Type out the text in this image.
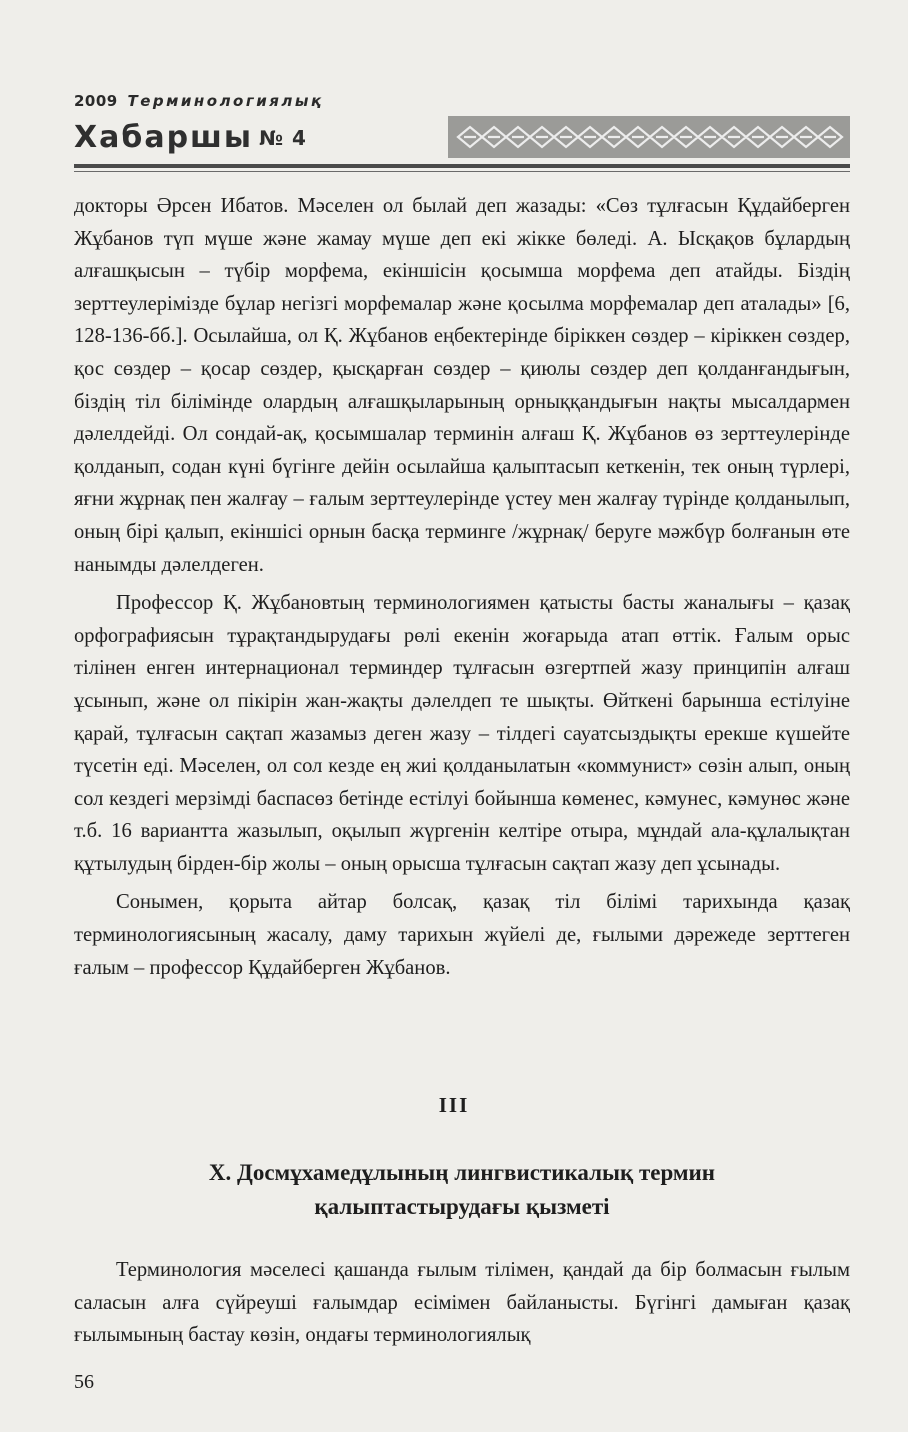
2009 Терминологиялық
Хабаршы № 4

докторы Әрсен Ибатов. Мәселен ол былай деп жазады: «Сөз тұлғасын Құдайберген Жұбанов түп мүше және жамау мүше деп екі жікке бөледі. А. Ысқақов бұлардың алғашқысын – түбір морфема, екіншісін қосымша морфема деп атайды. Біздің зерттеулерімізде бұлар негізгі морфемалар және қосылма морфемалар деп аталады» [6, 128-136-бб.]. Осылайша, ол Қ. Жұбанов еңбектерінде біріккен сөздер – кіріккен сөздер, қос сөздер – қосар сөздер, қысқарған сөздер – қиюлы сөздер деп қолданғандығын, біздің тіл білімінде олардың алғашқыларының орныққандығын нақты мысалдармен дәлелдейді. Ол сондай-ақ, қосымшалар терминін алғаш Қ. Жұбанов өз зерттеулерінде қолданып, содан күні бүгінге дейін осылайша қалыптасып кеткенін, тек оның түрлері, яғни жұрнақ пен жалғау – ғалым зерттеулерінде үстеу мен жалғау түрінде қолданылып, оның бірі қалып, екіншісі орнын басқа терминге /жұрнақ/ беруге мәжбүр болғанын өте нанымды дәлелдеген.

Профессор Қ. Жұбановтың терминологиямен қатысты басты жаналығы – қазақ орфографиясын тұрақтандырудағы рөлі екенін жоғарыда атап өттік. Ғалым орыс тілінен енген интернационал терминдер тұлғасын өзгертпей жазу принципін алғаш ұсынып, және ол пікірін жан-жақты дәлелдеп те шықты. Өйткені барынша естілуіне қарай, тұлғасын сақтап жазамыз деген жазу – тілдегі сауатсыздықты ерекше күшейте түсетін еді. Мәселен, ол сол кезде ең жиі қолданылатын «коммунист» сөзін алып, оның сол кездегі мерзімді баспасөз бетінде естілуі бойынша көменес, кәмунес, кәмунөс және т.б. 16 вариантта жазылып, оқылып жүргенін келтіре отыра, мұндай ала-құлалықтан құтылудың бірден-бір жолы – оның орысша тұлғасын сақтап жазу деп ұсынады.

Сонымен, қорыта айтар болсақ, қазақ тіл білімі тарихында қазақ терминологиясының жасалу, даму тарихын жүйелі де, ғылыми дәрежеде зерттеген ғалым – профессор Құдайберген Жұбанов.

III
Х. Досмұхамедұлының лингвистикалық термин
қалыптастырудағы қызметі

Терминология мәселесі қашанда ғылым тілімен, қандай да бір болмасын ғылым саласын алға сүйреуші ғалымдар есімімен байланысты. Бүгінгі дамыған қазақ ғылымының бастау көзін, ондағы терминологиялық

56
